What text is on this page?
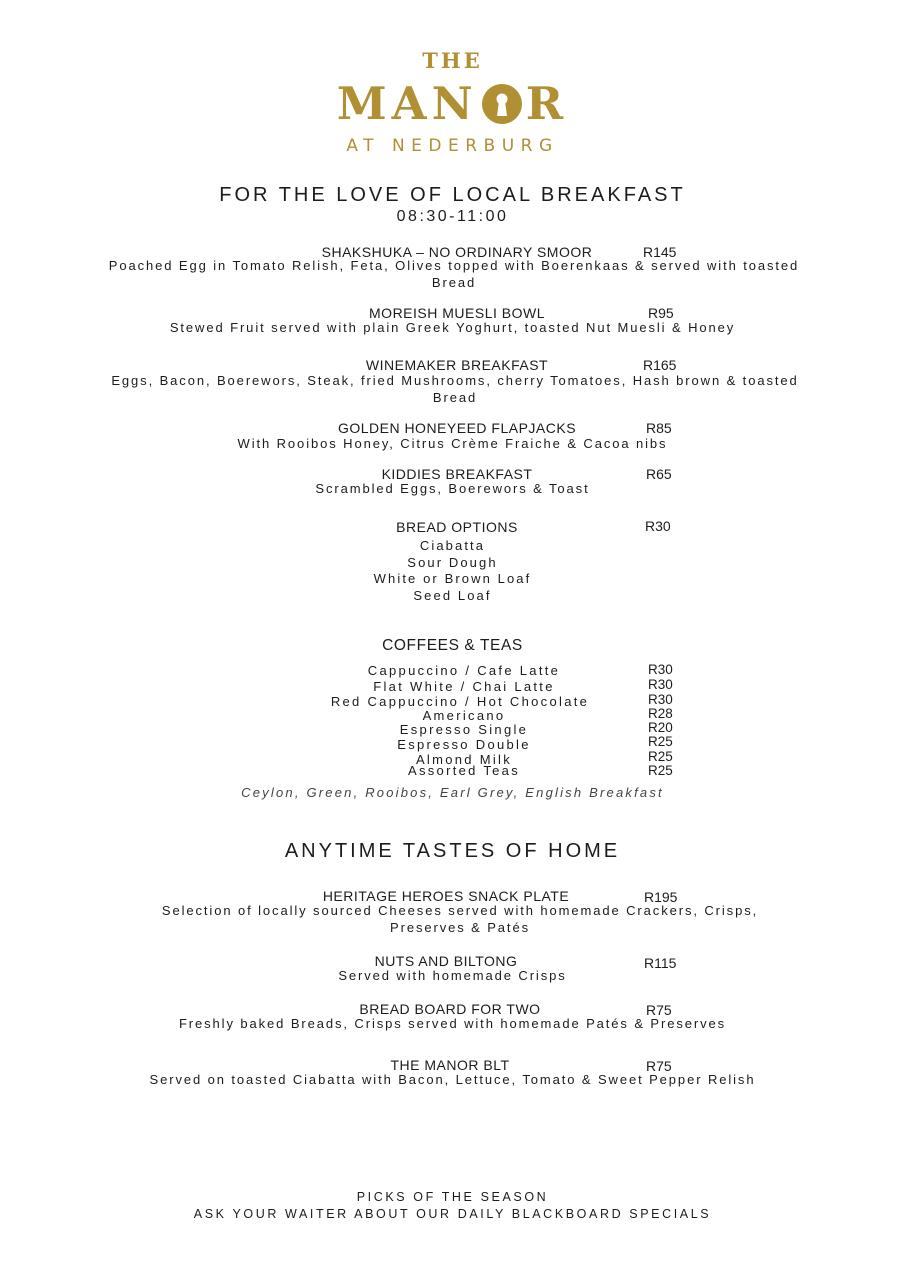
THE
MAN R
AT NEDERBURG
FOR THE LOVE OF LOCAL BREAKFAST
08:30-11:00
SHAKSHUKA – NO ORDINARY SMOOR	R145
Poached Egg in Tomato Relish, Feta, Olives topped with Boerenkaas & served with toasted Bread
MOREISH MUESLI BOWL	R95
Stewed Fruit served with plain Greek Yoghurt, toasted Nut Muesli & Honey
WINEMAKER BREAKFAST	R165
Eggs, Bacon, Boerewors, Steak, fried Mushrooms, cherry Tomatoes, Hash brown & toasted Bread
GOLDEN HONEYEED FLAPJACKS	R85
With Rooibos Honey, Citrus Crème Fraiche & Cacoa nibs
KIDDIES BREAKFAST	R65
Scrambled Eggs, Boerewors & Toast
BREAD OPTIONS	R30
Ciabatta
Sour Dough
White or Brown Loaf
Seed Loaf
COFFEES & TEAS
Cappuccino / Cafe Latte	R30
Flat White / Chai Latte	R30
Red Cappuccino / Hot Chocolate	R30
Americano	R28
Espresso Single	R20
Espresso Double	R25
Almond Milk	R25
Assorted Teas	R25
Ceylon, Green, Rooibos, Earl Grey, English Breakfast
ANYTIME TASTES OF HOME
HERITAGE HEROES SNACK PLATE	R195
Selection of locally sourced Cheeses served with homemade Crackers, Crisps, Preserves & Patés
NUTS AND BILTONG	R115
Served with homemade Crisps
BREAD BOARD FOR TWO	R75
Freshly baked Breads, Crisps served with homemade Patés & Preserves
THE MANOR BLT	R75
Served on toasted Ciabatta with Bacon, Lettuce, Tomato & Sweet Pepper Relish
PICKS OF THE SEASON
ASK YOUR WAITER ABOUT OUR DAILY BLACKBOARD SPECIALS
